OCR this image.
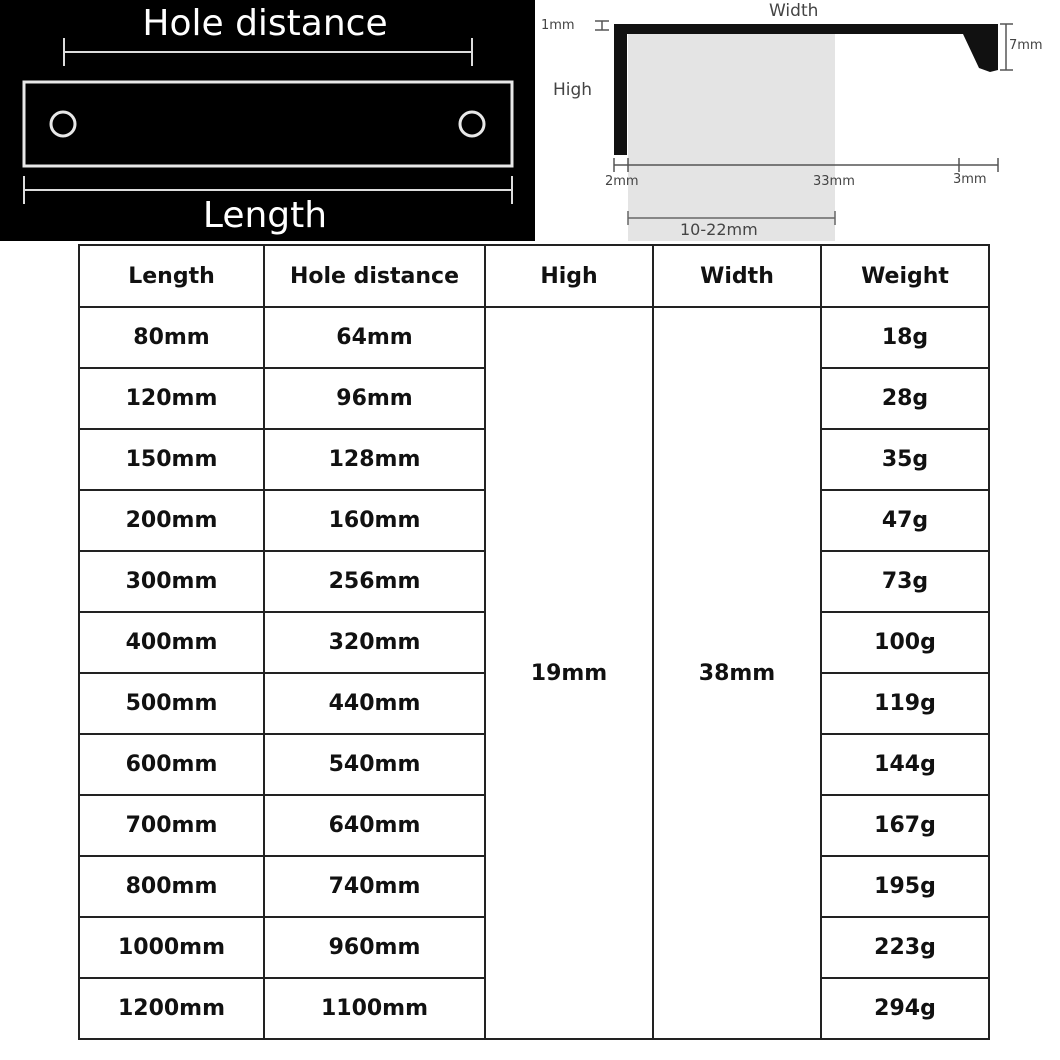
Hole distance
Length
Width
1mm
7mm
High
2mm	33mm	3mm
10-22mm
Length	Hole distance	High	Width	Weight
80mm	64mm	19mm	38mm	18g
120mm	96mm			28g
150mm	128mm			35g
200mm	160mm			47g
300mm	256mm			73g
400mm	320mm			100g
500mm	440mm			119g
600mm	540mm			144g
700mm	640mm			167g
800mm	740mm			195g
1000mm	960mm			223g
1200mm	1100mm			294g
